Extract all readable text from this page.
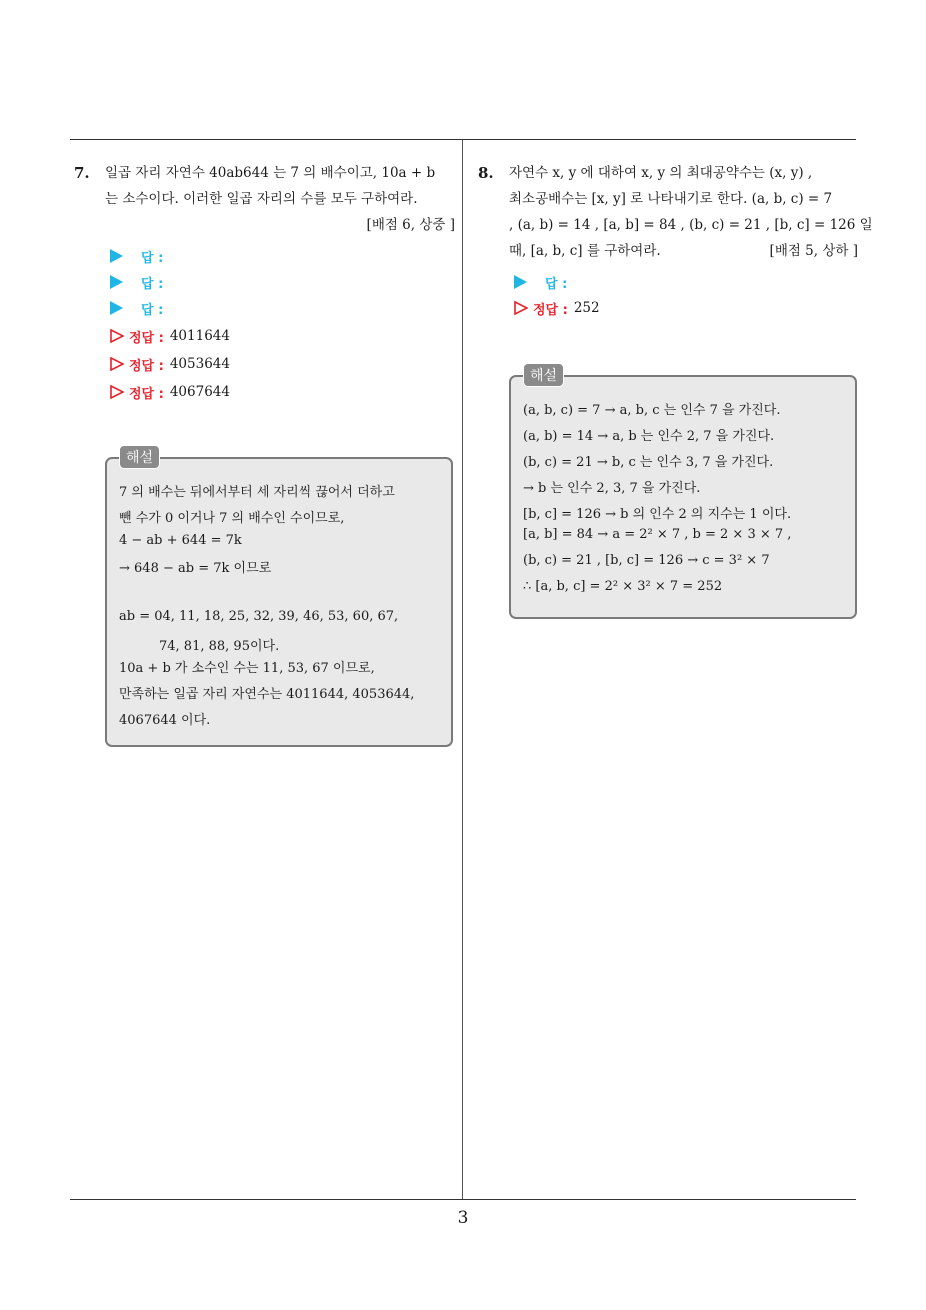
7. 일곱 자리 자연수 40ab644 는 7 의 배수이고, 10a + b
는 소수이다. 이러한 일곱 자리의 수를 모두 구하여라.
[배점 6, 상중 ]
답 :
답 :
답 :
정답 : 4011644
정답 : 4053644
정답 : 4067644
7 의 배수는 뒤에서부터 세 자리씩 끊어서 더하고
뺀 수가 0 이거나 7 의 배수인 수이므로,
4 − ab + 644 = 7k
→ 648 − ab = 7k 이므로
ab = 04, 11, 18, 25, 32, 39, 46, 53, 60, 67,
74, 81, 88, 95이다.
10a + b 가 소수인 수는 11, 53, 67 이므로,
만족하는 일곱 자리 자연수는 4011644, 4053644,
4067644 이다.
해설
8. 자연수 x, y 에 대하여 x, y 의 최대공약수는 (x, y) ,
최소공배수는 [x, y] 로 나타내기로 한다. (a, b, c) = 7
, (a, b) = 14 , [a, b] = 84 , (b, c) = 21 , [b, c] = 126 일
때, [a, b, c] 를 구하여라.	[배점 5, 상하 ]
답 :
정답 : 252
(a, b, c) = 7 → a, b, c 는 인수 7 을 가진다.
(a, b) = 14 → a, b 는 인수 2, 7 을 가진다.
(b, c) = 21 → b, c 는 인수 3, 7 을 가진다.
→ b 는 인수 2, 3, 7 을 가진다.
[b, c] = 126 → b 의 인수 2 의 지수는 1 이다.
[a, b] = 84 → a = 2² × 7 , b = 2 × 3 × 7 ,
(b, c) = 21 , [b, c] = 126 → c = 3² × 7
∴ [a, b, c] = 2² × 3² × 7 = 252
해설
3
